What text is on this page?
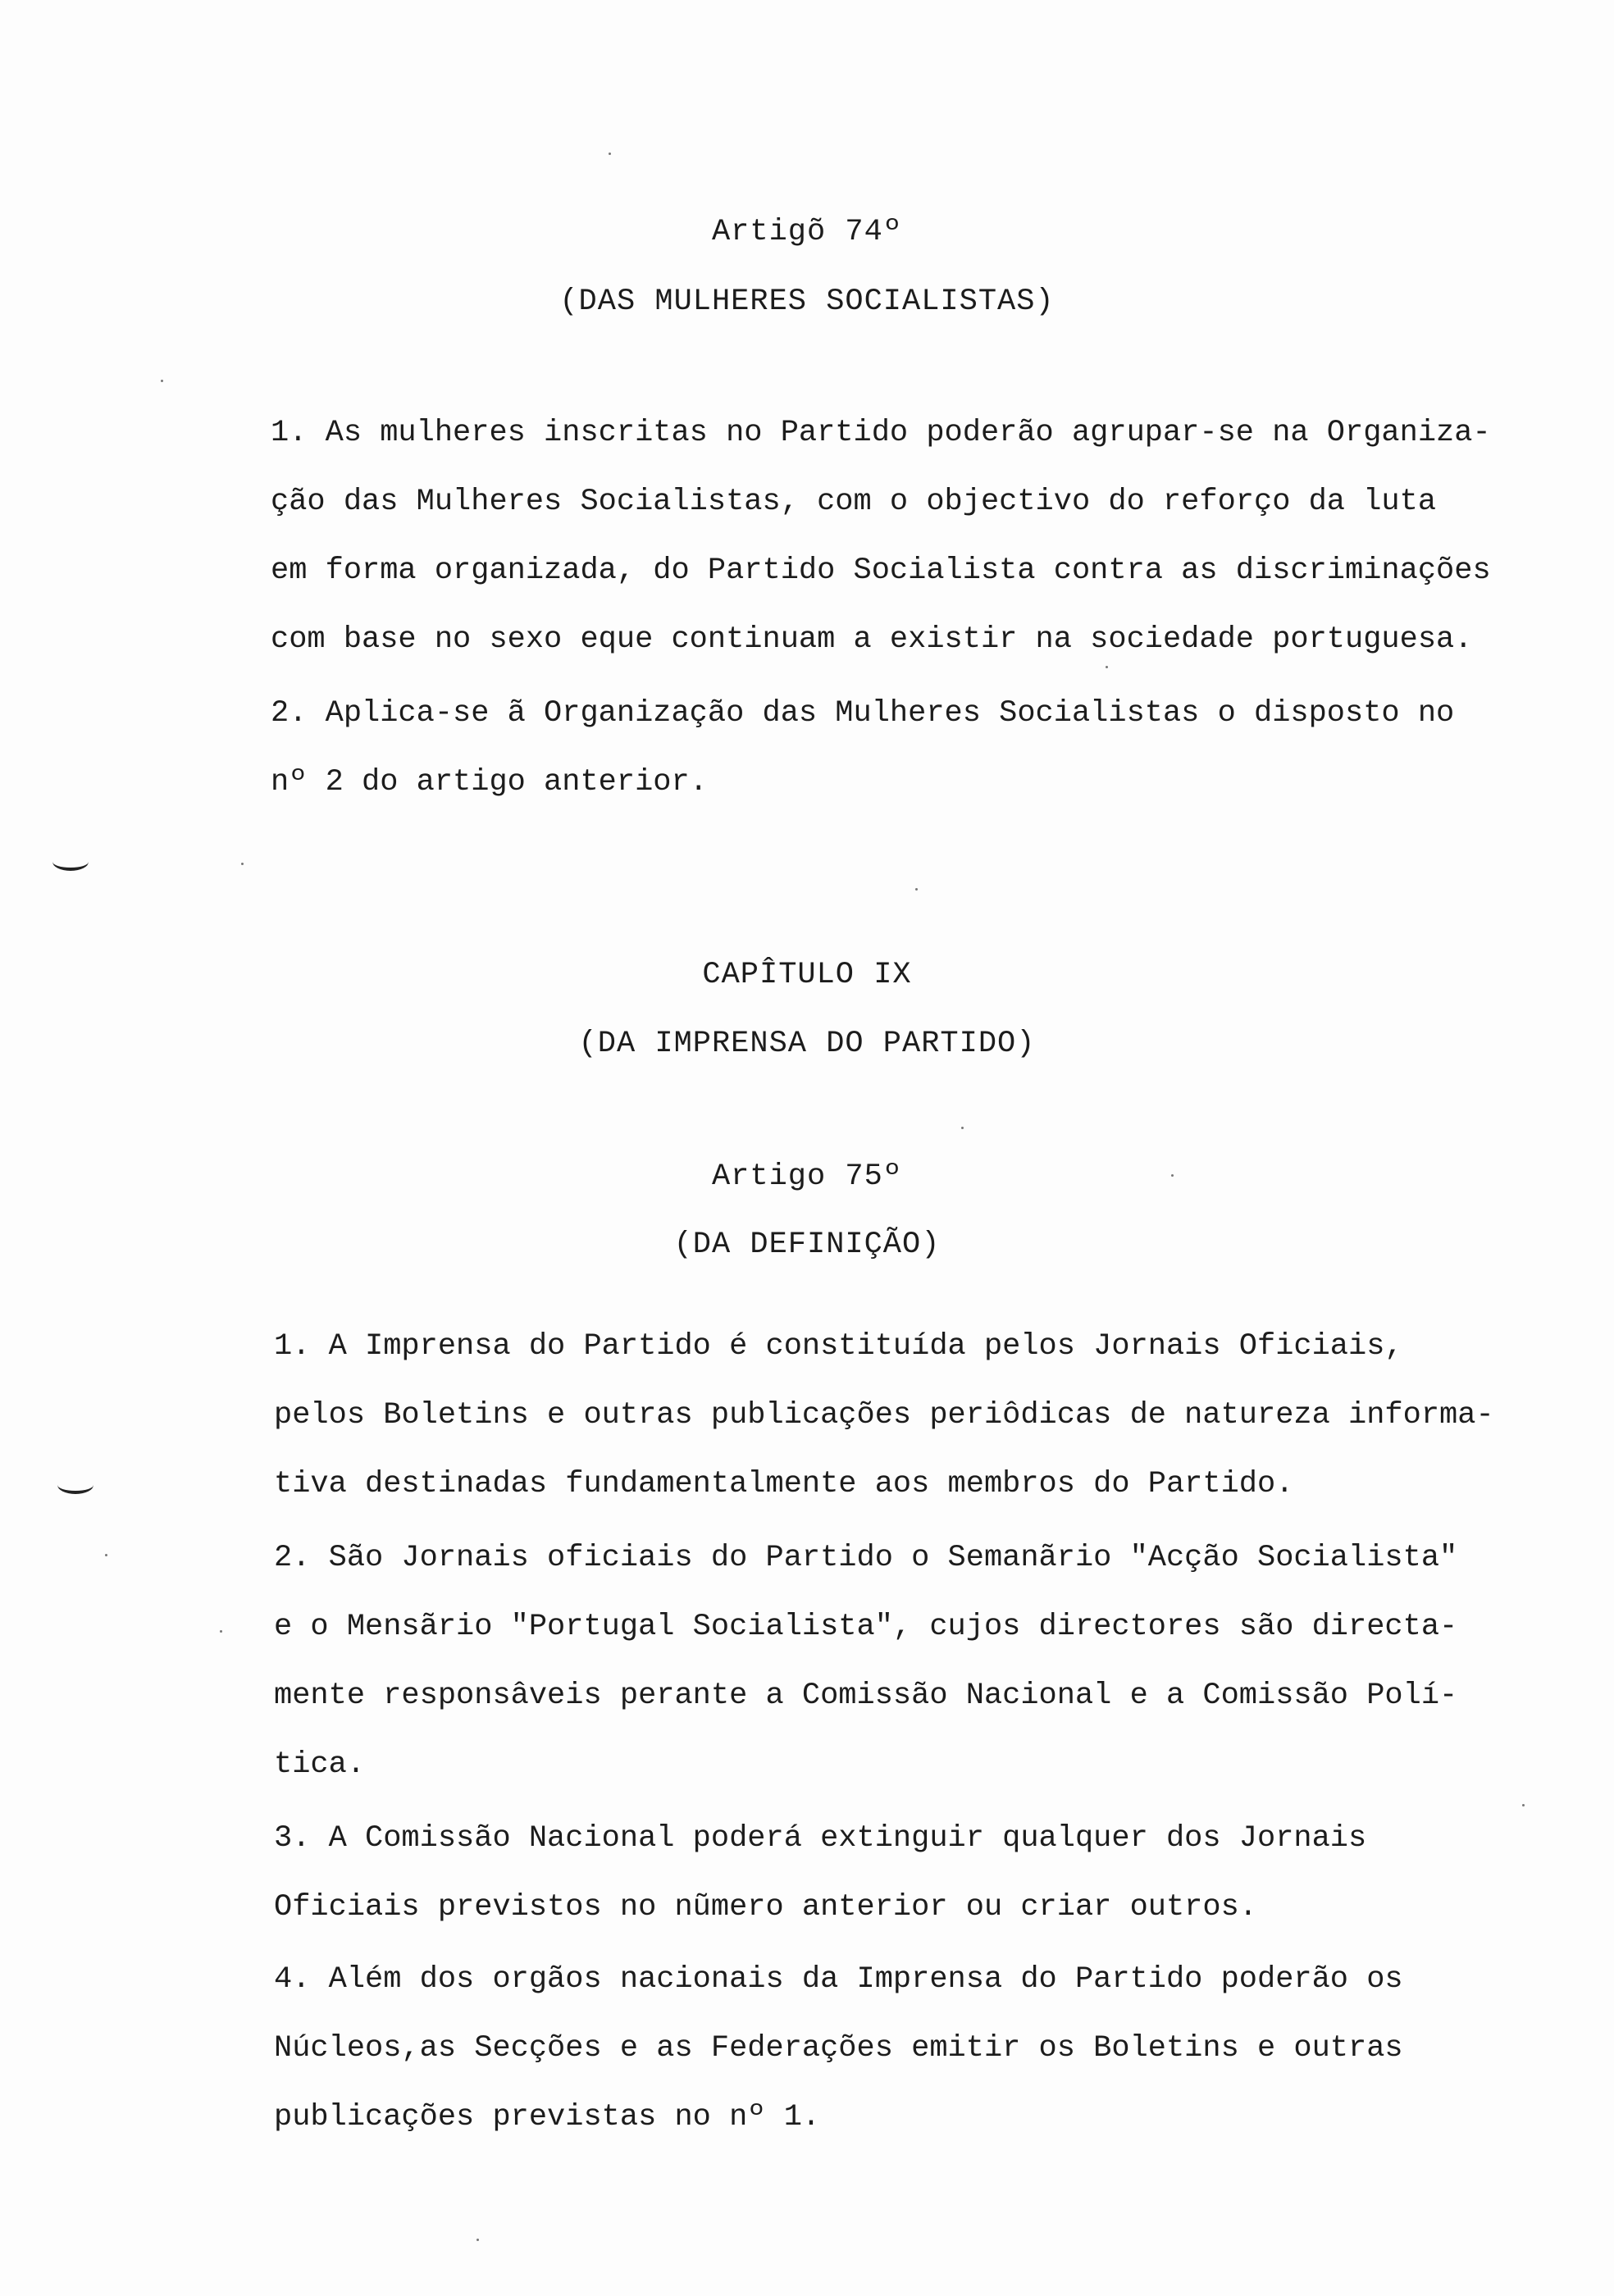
Artigõ 74º
(DAS MULHERES SOCIALISTAS)
1. As mulheres inscritas no Partido poderão agrupar-se na Organiza-
ção das Mulheres Socialistas, com o objectivo do reforço da luta
em forma organizada, do Partido Socialista contra as discriminações
com base no sexo eque continuam a existir na sociedade portuguesa.
2. Aplica-se ã Organização das Mulheres Socialistas o disposto no
nº 2 do artigo anterior.
CAPÎTULO IX
(DA IMPRENSA DO PARTIDO)
Artigo 75º
(DA DEFINIÇÃO)
1. A Imprensa do Partido é constituída pelos Jornais Oficiais,
pelos Boletins e outras publicações periôdicas de natureza informa-
tiva destinadas fundamentalmente aos membros do Partido.
2. São Jornais oficiais do Partido o Semanãrio "Acção Socialista"
e o Mensãrio "Portugal Socialista", cujos directores são directa-
mente responsâveis perante a Comissão Nacional e a Comissão Polí-
tica.
3. A Comissão Nacional poderá extinguir qualquer dos Jornais
Oficiais previstos no nũmero anterior ou criar outros.
4. Além dos orgãos nacionais da Imprensa do Partido poderão os
Núcleos,as Secções e as Federações emitir os Boletins e outras
publicações previstas no nº 1.
